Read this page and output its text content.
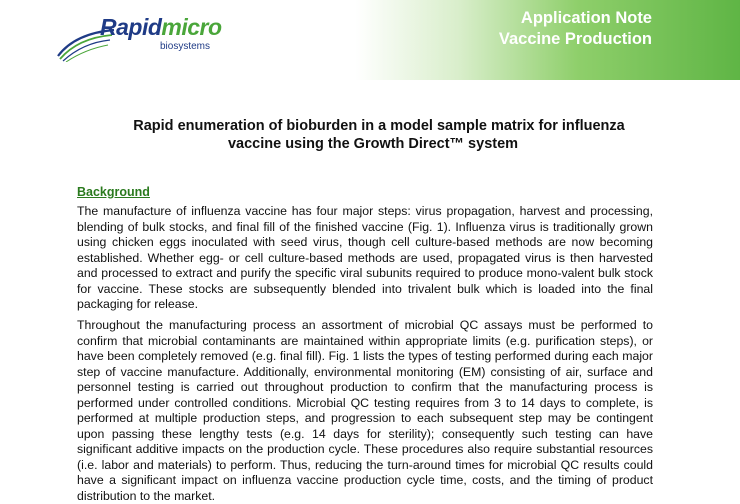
Rapidmicro
biosystems
Application Note
Vaccine Production
Rapid enumeration of bioburden in a model sample matrix for influenza
vaccine using the Growth Direct™ system
Background

The manufacture of influenza vaccine has four major steps: virus propagation, harvest and processing, blending of bulk stocks, and final fill of the finished vaccine (Fig. 1). Influenza virus is traditionally grown using chicken eggs inoculated with seed virus, though cell culture-based methods are now becoming established. Whether egg- or cell culture-based methods are used, propagated virus is then harvested and processed to extract and purify the specific viral subunits required to produce mono-valent bulk stock for vaccine. These stocks are subsequently blended into trivalent bulk which is loaded into the final packaging for release.

Throughout the manufacturing process an assortment of microbial QC assays must be performed to confirm that microbial contaminants are maintained within appropriate limits (e.g. purification steps), or have been completely removed (e.g. final fill). Fig. 1 lists the types of testing performed during each major step of vaccine manufacture. Additionally, environmental monitoring (EM) consisting of air, surface and personnel testing is carried out throughout production to confirm that the manufacturing process is performed under controlled conditions. Microbial QC testing requires from 3 to 14 days to complete, is performed at multiple production steps, and progression to each subsequent step may be contingent upon passing these lengthy tests (e.g. 14 days for sterility); consequently such testing can have significant additive impacts on the production cycle. These procedures also require substantial resources (i.e. labor and materials) to perform. Thus, reducing the turn-around times for microbial QC results could have a significant impact on influenza vaccine production cycle time, costs, and the timing of product distribution to the market.
